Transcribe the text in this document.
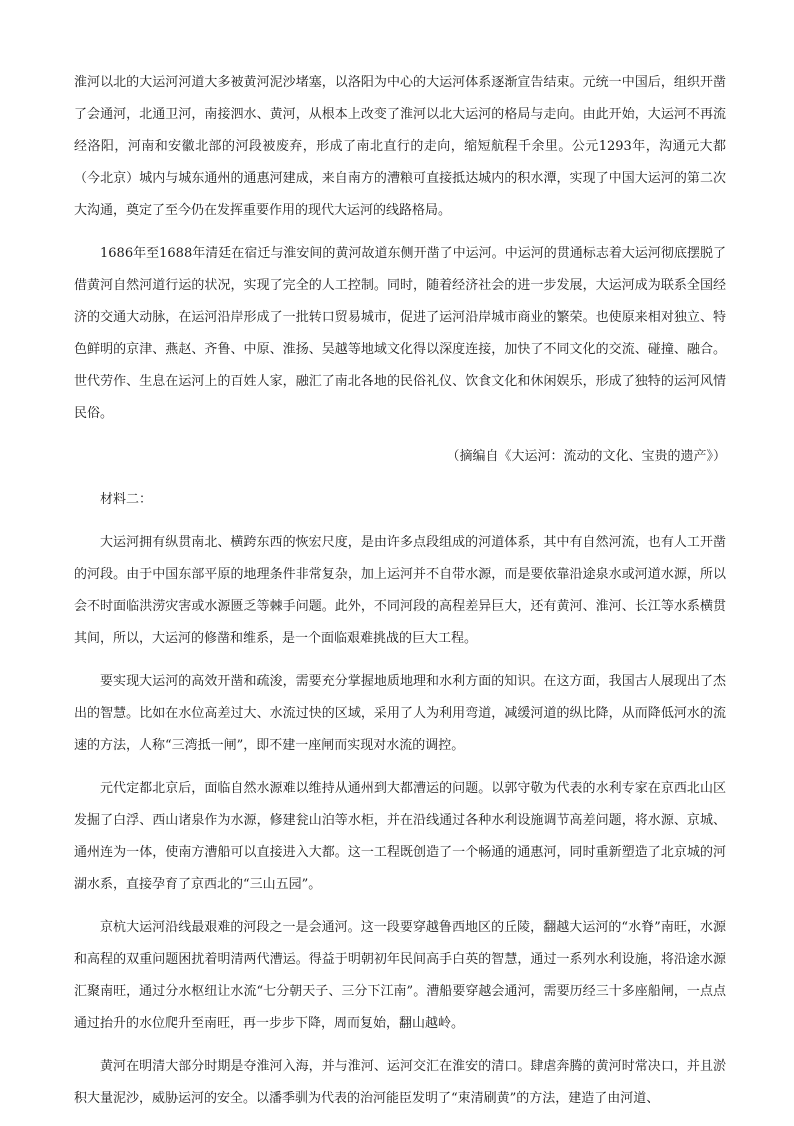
淮河以北的大运河河道大多被黄河泥沙堵塞，以洛阳为中心的大运河体系逐渐宣告结束。元统一中国后，组织开凿了会通河，北通卫河，南接泗水、黄河，从根本上改变了淮河以北大运河的格局与走向。由此开始，大运河不再流经洛阳，河南和安徽北部的河段被废弃，形成了南北直行的走向，缩短航程千余里。公元1293年，沟通元大都（今北京）城内与城东通州的通惠河建成，来自南方的漕粮可直接抵达城内的积水潭，实现了中国大运河的第二次大沟通，奠定了至今仍在发挥重要作用的现代大运河的线路格局。

1686年至1688年清廷在宿迁与淮安间的黄河故道东侧开凿了中运河。中运河的贯通标志着大运河彻底摆脱了借黄河自然河道行运的状况，实现了完全的人工控制。同时，随着经济社会的进一步发展，大运河成为联系全国经济的交通大动脉，在运河沿岸形成了一批转口贸易城市，促进了运河沿岸城市商业的繁荣。也使原来相对独立、特色鲜明的京津、燕赵、齐鲁、中原、淮扬、吴越等地域文化得以深度连接，加快了不同文化的交流、碰撞、融合。世代劳作、生息在运河上的百姓人家，融汇了南北各地的民俗礼仪、饮食文化和休闲娱乐，形成了独特的运河风情民俗。

（摘编自《大运河：流动的文化、宝贵的遗产》）

材料二：

大运河拥有纵贯南北、横跨东西的恢宏尺度，是由许多点段组成的河道体系，其中有自然河流，也有人工开凿的河段。由于中国东部平原的地理条件非常复杂，加上运河并不自带水源，而是要依靠沿途泉水或河道水源，所以会不时面临洪涝灾害或水源匮乏等棘手问题。此外，不同河段的高程差异巨大，还有黄河、淮河、长江等水系横贯其间，所以，大运河的修凿和维系，是一个面临艰难挑战的巨大工程。

要实现大运河的高效开凿和疏浚，需要充分掌握地质地理和水利方面的知识。在这方面，我国古人展现出了杰出的智慧。比如在水位高差过大、水流过快的区域，采用了人为利用弯道，减缓河道的纵比降，从而降低河水的流速的方法，人称“三湾抵一闸”，即不建一座闸而实现对水流的调控。

元代定都北京后，面临自然水源难以维持从通州到大都漕运的问题。以郭守敬为代表的水利专家在京西北山区发掘了白浮、西山诸泉作为水源，修建瓮山泊等水柜，并在沿线通过各种水利设施调节高差问题，将水源、京城、通州连为一体，使南方漕船可以直接进入大都。这一工程既创造了一个畅通的通惠河，同时重新塑造了北京城的河湖水系，直接孕育了京西北的“三山五园”。

京杭大运河沿线最艰难的河段之一是会通河。这一段要穿越鲁西地区的丘陵，翻越大运河的“水脊”南旺，水源和高程的双重问题困扰着明清两代漕运。得益于明朝初年民间高手白英的智慧，通过一系列水利设施，将沿途水源汇聚南旺，通过分水枢纽让水流“七分朝天子、三分下江南”。漕船要穿越会通河，需要历经三十多座船闸，一点点通过抬升的水位爬升至南旺，再一步步下降，周而复始，翻山越岭。

黄河在明清大部分时期是夺淮河入海，并与淮河、运河交汇在淮安的清口。肆虐奔腾的黄河时常决口，并且淤积大量泥沙，威胁运河的安全。以潘季驯为代表的治河能臣发明了“束清刷黄”的方法，建造了由河道、
